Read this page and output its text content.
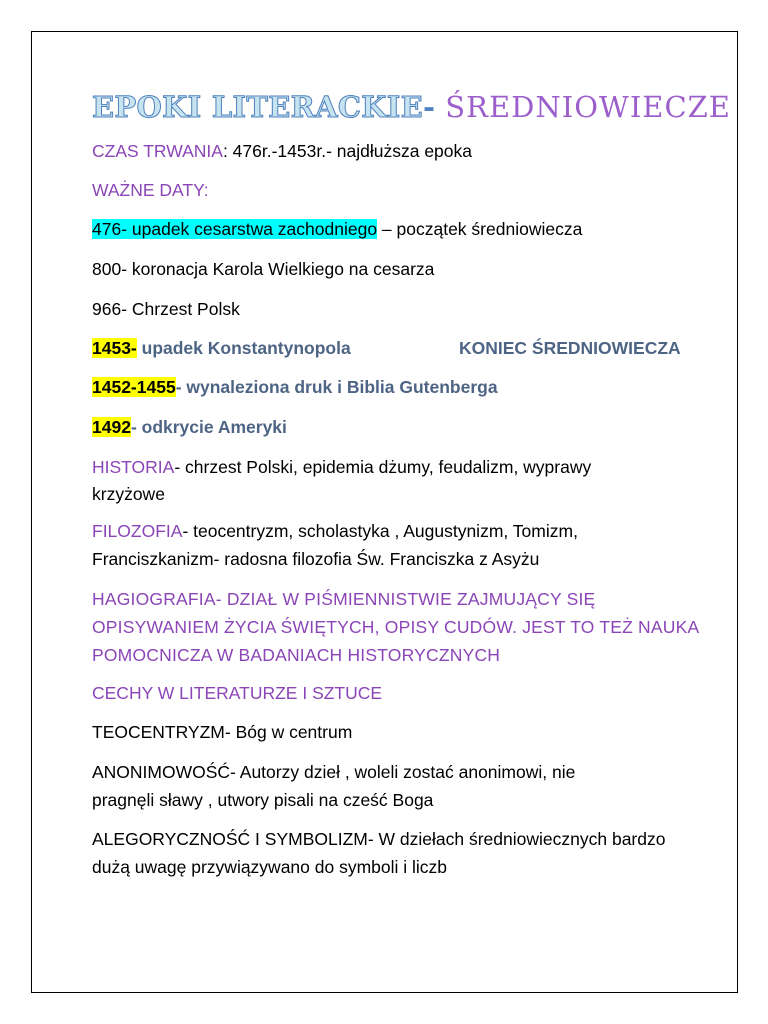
EPOKI LITERACKIE- ŚREDNIOWIECZE
CZAS TRWANIA: 476r.-1453r.- najdłuższa epoka
WAŻNE DATY:
476- upadek cesarstwa zachodniego – początek średniowiecza
800- koronacja Karola Wielkiego na cesarza
966- Chrzest Polsk
1453- upadek Konstantynopola	KONIEC ŚREDNIOWIECZA
1452-1455- wynaleziona druk i Biblia Gutenberga
1492- odkrycie Ameryki
HISTORIA- chrzest Polski, epidemia dżumy, feudalizm, wyprawy
krzyżowe
FILOZOFIA- teocentryzm, scholastyka , Augustynizm, Tomizm,
Franciszkanizm- radosna filozofia Św. Franciszka z Asyżu
HAGIOGRAFIA- DZIAŁ W PIŚMIENNISTWIE ZAJMUJĄCY SIĘ
OPISYWANIEM ŻYCIA ŚWIĘTYCH, OPISY CUDÓW. JEST TO TEŻ NAUKA
POMOCNICZA W BADANIACH HISTORYCZNYCH
CECHY W LITERATURZE I SZTUCE
TEOCENTRYZM- Bóg w centrum
ANONIMOWOŚĆ- Autorzy dzieł , woleli zostać anonimowi, nie
pragnęli sławy , utwory pisali na cześć Boga
ALEGORYCZNOŚĆ I SYMBOLIZM- W dziełach średniowiecznych bardzo
dużą uwagę przywiązywano do symboli i liczb
